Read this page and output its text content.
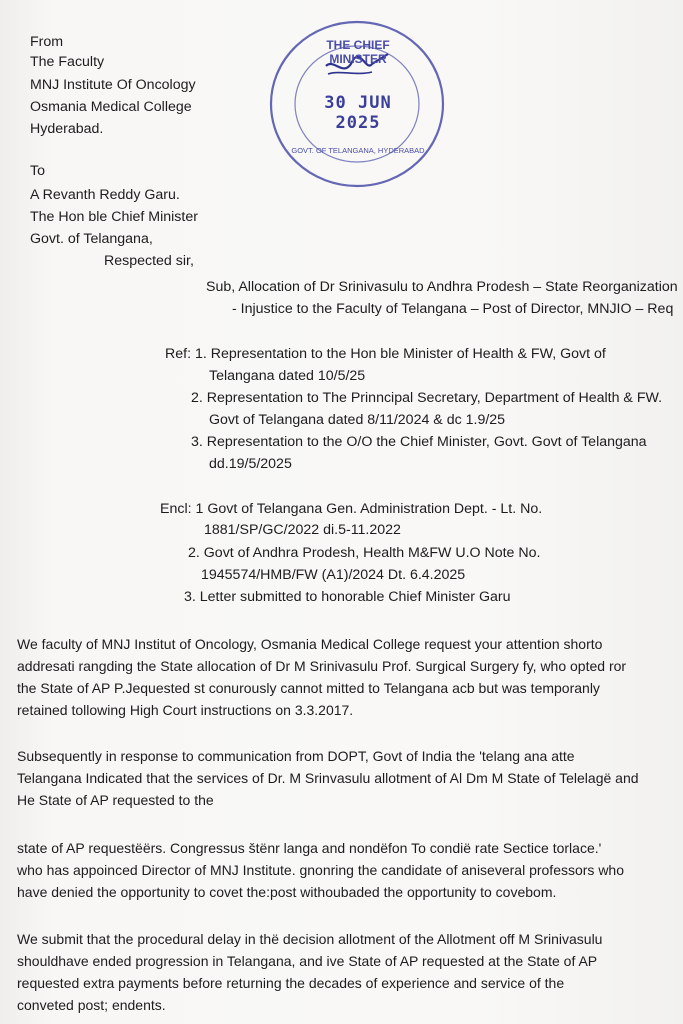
From
The Faculty
MNJ Institute Of Oncology
Osmania Medical College
Hyderabad.
THE CHIEF MINISTER
30 JUN 2025
GOVT. OF TELANGANA, HYDERABAD
To
A Revanth Reddy Garu.
The Hon ble Chief Minister
Govt. of Telangana,
Respected sir,
Sub, Allocation of Dr Srinivasulu to Andhra Prodesh – State Reorganization
- Injustice to the Faculty of Telangana – Post of Director, MNJIO – Req
Ref: 1. Representation to the Hon ble Minister of Health & FW, Govt of
Telangana dated 10/5/25
2. Representation to The Prinncipal Secretary, Department of Health & FW.
Govt of Telangana dated 8/11/2024 & dc 1.9/25
3. Representation to the O/O the Chief Minister, Govt. Govt of Telangana
dd.19/5/2025
Encl: 1 Govt of Telangana Gen. Administration Dept. - Lt. No.
1881/SP/GC/2022 di.5-11.2022
2. Govt of Andhra Prodesh, Health M&FW U.O Note No.
1945574/HMB/FW (A1)/2024 Dt. 6.4.2025
3. Letter submitted to honorable Chief Minister Garu
We faculty of MNJ Institut of Oncology, Osmania Medical College request your attention shorto
addresati rangding the State allocation of Dr M Srinivasulu Prof. Surgical Surgery fy, who opted ror
the State of AP P.Jequested st conurously cannot mitted to Telangana acb but was temporanly
retained tollowing High Court instructions on 3.3.2017.
Subsequently in response to communication from DOPT, Govt of India the 'telang ana atte
Telangana Indicated that the services of Dr. M Srinvasulu allotment of Al Dm M State of Telelagë and
He State of AP requested to the
state of AP requestëërs. Congressus štënr langa and nondëfon To condië rate Sectice torlace.'
who has appoinced Director of MNJ Institute. gnonring the candidate of aniseveral professors who
have denied the opportunity to covet the:post withoubaded the opportunity to covebom.
We submit that the procedural delay in thë decision allotment of the Allotment off M Srinivasulu
shouldhave ended progression in Telangana, and ive State of AP requested at the State of AP
requested extra payments before returning the decades of experience and service of the
conveted post; endents.
